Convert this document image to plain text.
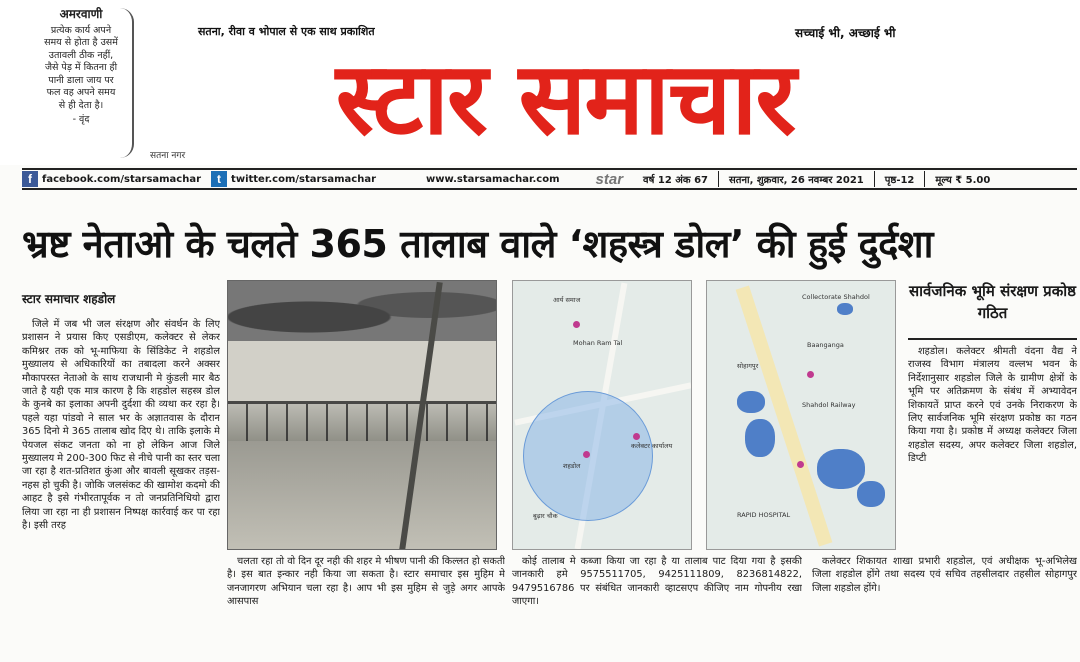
अमरवाणी
प्रत्येक कार्य अपने
समय से होता है उसमें
उतावली ठीक नहीं,
जैसे पेड़ में कितना ही
पानी डाला जाय पर
फल वह अपने समय
से ही देता है।
- वृंद
सतना नगर
सतना, रीवा व भोपाल से एक साथ प्रकाशित	सच्चाई भी, अच्छाई भी
स्टार समाचार
f	facebook.com/starsamachar	t	twitter.com/starsamachar	www.starsamachar.com star वर्ष 12 अंक 67 सतना, शुक्रवार, 26 नवम्बर 2021 पृष्ठ-12 मूल्य ₹ 5.00
भ्रष्ट नेताओ के चलते 365 तालाब वाले ‘शहस्त्र डोल’ की हुई दुर्दशा
स्टार समाचार शहडोल

जिले में जब भी जल संरक्षण और संवर्धन के लिए प्रशासन ने प्रयास किए एसडीएम, कलेक्टर से लेकर कमिश्नर तक को भू-माफिया के सिंडिकेट ने शहडोल मुख्यालय से अधिकारियों का तबादला करने अक्सर मौकापरस्त नेताओ के साथ राजधानी मे कुंडली मार बैठ जाते है यही एक मात्र कारण है कि शहडोल सहस्त्र डोल के कुनबे का इलाका अपनी दुर्दशा की व्यथा कर रहा है। पहले यहा पांडवो ने साल भर के अज्ञातवास के दौरान 365 दिनो मे 365 तालाब खोद दिए थे। ताकि इलाके मे पेयजल संकट जनता को ना हो लेकिन आज जिले मुख्यालय मे 200-300 फिट से नीचे पानी का स्तर चला जा रहा है शत-प्रतिशत कुंआ और बावली सूखकर तड़स-नहस हो चुकी है। जोकि जलसंकट की खामोश कदमो की आहट है इसे गंभीरतापूर्वक न तो जनप्रतिनिधियो द्वारा लिया जा रहा ना ही प्रशासन निष्पक्ष कार्रवाई कर पा रहा है। इसी तरह

आर्य समाज
कलेक्टर कार्यालय
Mohan Ram Tal
शहडोल
बुढ़ार चौक
Collectorate Shahdol
Baanganga
सोहागपुर
Shahdol Railway
RAPID HOSPITAL

चलता रहा तो वो दिन दूर नही की शहर मे भीषण पानी की किल्लत हो सकती है। इस बात इन्कार नही किया जा सकता है। स्टार समाचार इस मुहिम मे जनजागरण अभियान चला रहा है। आप भी इस मुहिम से जुड़े अगर आपके आसपास

कोई तालाब मे कब्जा किया जा रहा है या तालाब पाट दिया गया है इसकी जानकारी हमे 9575511705, 9425111809, 8236814822, 9479516786 पर संबंधित जानकारी व्हाटसएप कीजिए नाम गोपनीय रखा जाएगा।

सार्वजनिक भूमि संरक्षण प्रकोष्ठ गठित

शहडोल। कलेक्टर श्रीमती वंदना वैद्य ने राजस्व विभाग मंत्रालय वल्लभ भवन के निर्देशानुसार शहडोल जिले के ग्रामीण क्षेत्रों के भूमि पर अतिक्रमण के संबंध में अभ्यावेदन शिकायतें प्राप्त करने एवं उनके निराकरण के लिए सार्वजनिक भूमि संरक्षण प्रकोष्ठ का गठन किया गया है। प्रकोष्ठ में अध्यक्ष कलेक्टर जिला शहडोल सदस्य, अपर कलेक्टर जिला शहडोल, डिप्टी

कलेक्टर शिकायत शाखा प्रभारी शहडोल, एवं अधीक्षक भू-अभिलेख जिला शहडोल होंगे तथा सदस्य एवं सचिव तहसीलदार तहसील सोहागपुर जिला शहडोल होंगे।
